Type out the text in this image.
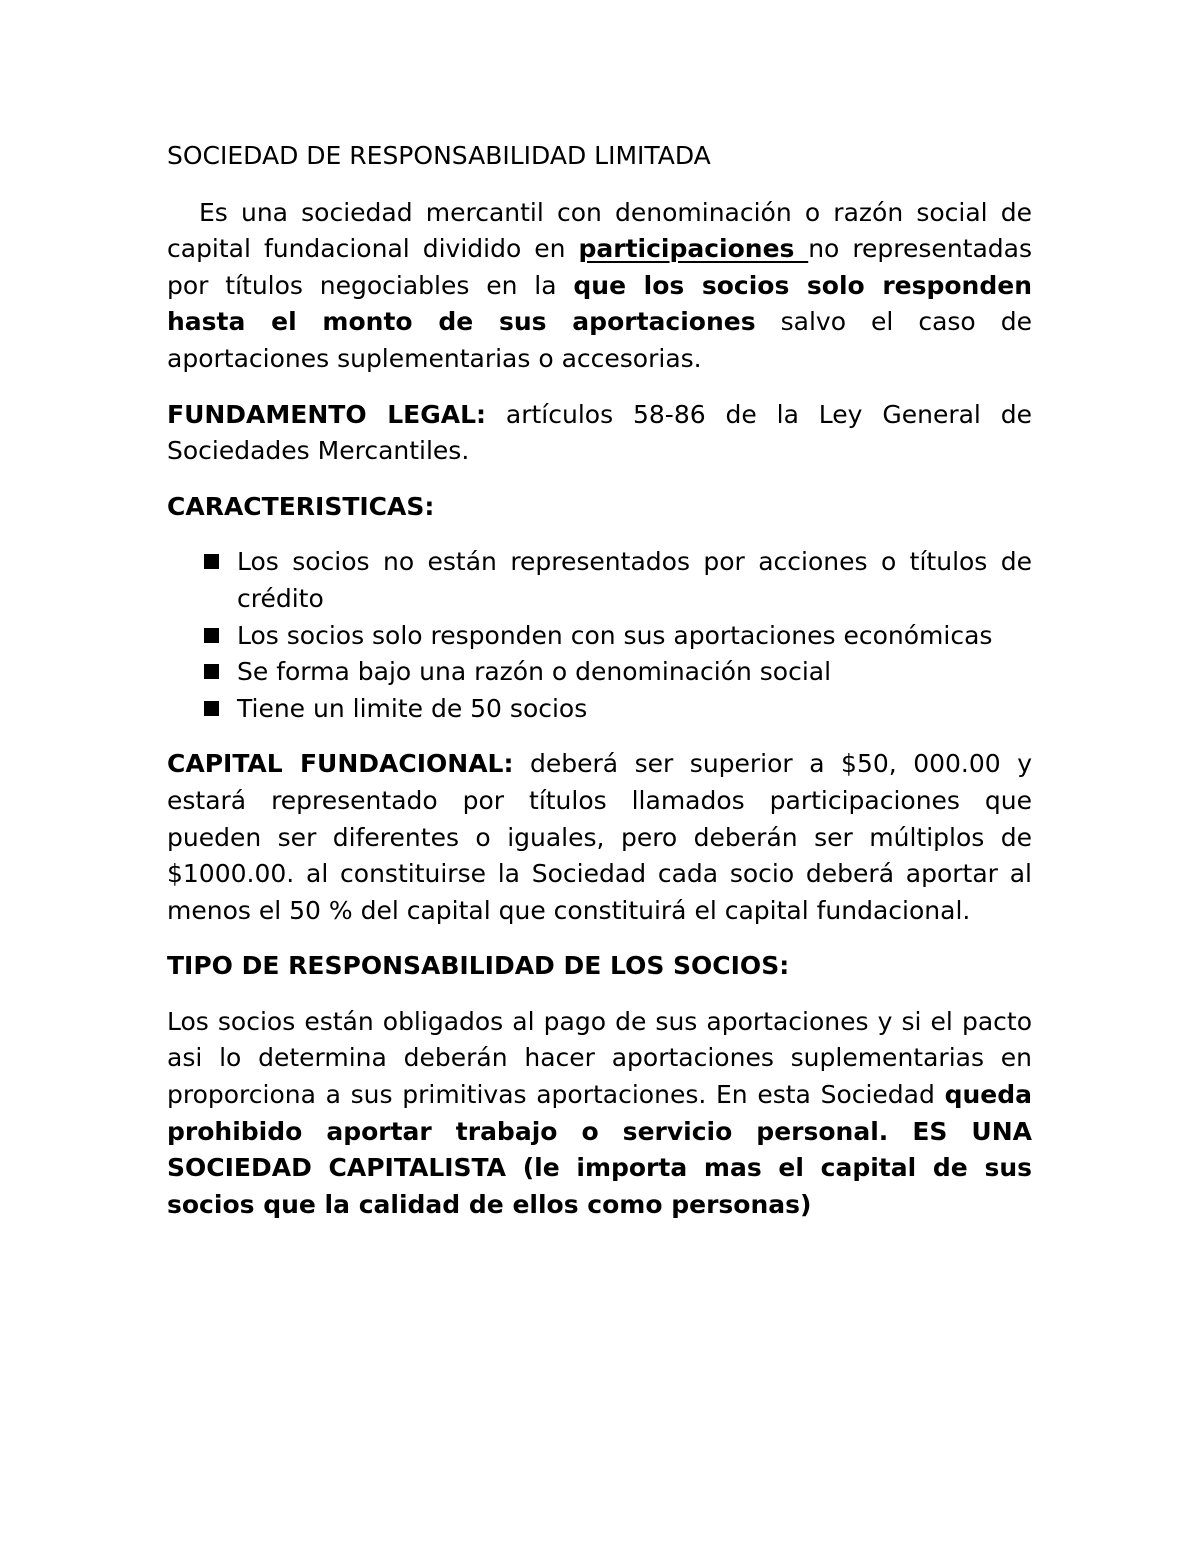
SOCIEDAD DE RESPONSABILIDAD LIMITADA

Es una sociedad mercantil con denominación o razón social de capital fundacional dividido en participaciones no representadas por títulos negociables en la que los socios solo responden hasta el monto de sus aportaciones salvo el caso de aportaciones suplementarias o accesorias.

FUNDAMENTO LEGAL: artículos 58-86 de la Ley General de Sociedades Mercantiles.

CARACTERISTICAS:

Los socios no están representados por acciones o títulos de crédito
Los socios solo responden con sus aportaciones económicas
Se forma bajo una razón o denominación social
Tiene un limite de 50 socios

CAPITAL FUNDACIONAL: deberá ser superior a $50, 000.00 y estará representado por títulos llamados participaciones que pueden ser diferentes o iguales, pero deberán ser múltiplos de $1000.00. al constituirse la Sociedad cada socio deberá aportar al menos el 50 % del capital que constituirá el capital fundacional.

TIPO DE RESPONSABILIDAD DE LOS SOCIOS:

Los socios están obligados al pago de sus aportaciones y si el pacto asi lo determina deberán hacer aportaciones suplementarias en proporciona a sus primitivas aportaciones. En esta Sociedad queda prohibido aportar trabajo o servicio personal. ES UNA SOCIEDAD CAPITALISTA (le importa mas el capital de sus socios que la calidad de ellos como personas)
